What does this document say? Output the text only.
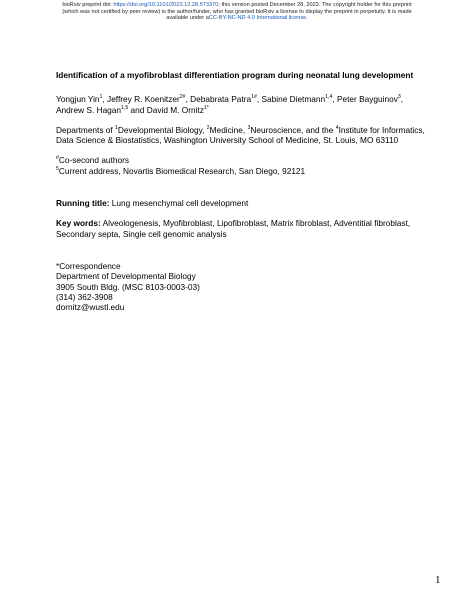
bioRxiv preprint doi: https://doi.org/10.1101/2023.12.28.573370; this version posted December 28, 2023. The copyright holder for this preprint
(which was not certified by peer review) is the author/funder, who has granted bioRxiv a license to display the preprint in perpetuity. It is made
available under aCC-BY-NC-ND 4.0 International license.

Identification of a myofibroblast differentiation program during neonatal lung development

Yongjun Yin$^1$, Jeffrey R. Koenitzer$^{2\#}$, Debabrata Patra$^{1\#}$, Sabine Dietmann$^{1,4}$, Peter Bayguinov$^3$,
Andrew S. Hagan$^{1,5}$ and David M. Ornitz$^{1*}$

Departments of $^1$Developmental Biology, $^2$Medicine, $^3$Neuroscience, and the $^4$Institute for Informatics, Data Science & Biostatistics, Washington University School of Medicine, St. Louis, MO 63110

#Co-second authors

$^5$Current address, Novartis Biomedical Research, San Diego, 92121

Running title: Lung mesenchymal cell development

Key words: Alveologenesis, Myofibroblast, Lipofibroblast, Matrix fibroblast, Adventitial fibroblast, Secondary septa, Single cell genomic analysis

*Correspondence
Department of Developmental Biology
3905 South Bldg. (MSC 8103-0003-03)
(314) 362-3908
dornitz@wustl.edu
1
